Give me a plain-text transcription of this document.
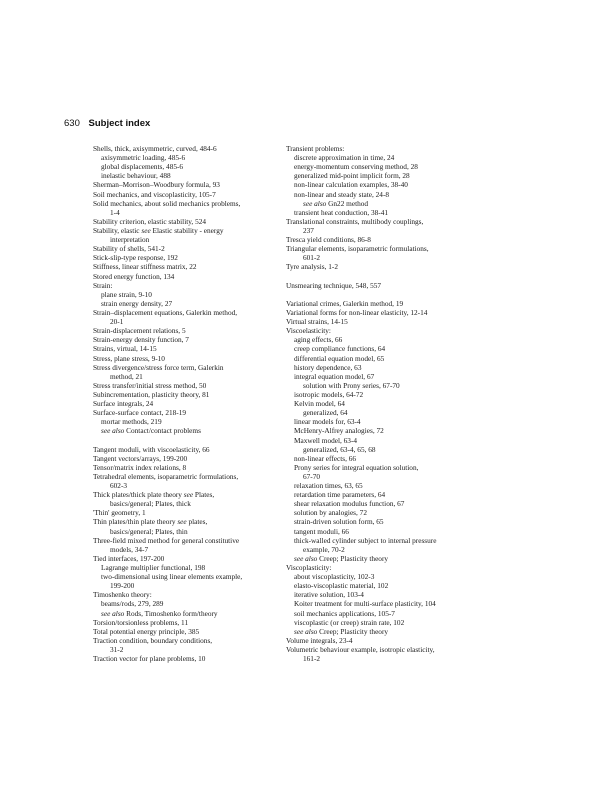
630 Subject index
Shells, thick, axisymmetric, curved, 484-6
axisymmetric loading, 485-6
global displacements, 485-6
inelastic behaviour, 488
Sherman–Morrison–Woodbury formula, 93
Soil mechanics, and viscoplasticity, 105-7
Solid mechanics, about solid mechanics problems,
1-4
Stability criterion, elastic stability, 524
Stability, elastic see Elastic stability - energy
interpretation
Stability of shells, 541-2
Stick-slip-type response, 192
Stiffness, linear stiffness matrix, 22
Stored energy function, 134
Strain:
plane strain, 9-10
strain energy density, 27
Strain–displacement equations, Galerkin method,
20-1
Strain-displacement relations, 5
Strain-energy density function, 7
Strains, virtual, 14-15
Stress, plane stress, 9-10
Stress divergence/stress force term, Galerkin
method, 21
Stress transfer/initial stress method, 50
Subincrementation, plasticity theory, 81
Surface integrals, 24
Surface-surface contact, 218-19
mortar methods, 219
see also Contact/contact problems
Tangent moduli, with viscoelasticity, 66
Tangent vectors/arrays, 199-200
Tensor/matrix index relations, 8
Tetrahedral elements, isoparametric formulations,
602-3
Thick plates/thick plate theory see Plates,
basics/general; Plates, thick
'Thin' geometry, 1
Thin plates/thin plate theory see plates,
basics/general; Plates, thin
Three-field mixed method for general constitutive
models, 34-7
Tied interfaces, 197-200
Lagrange multiplier functional, 198
two-dimensional using linear elements example,
199-200
Timoshenko theory:
beams/rods, 279, 289
see also Rods, Timoshenko form/theory
Torsion/torsionless problems, 11
Total potential energy principle, 385
Traction condition, boundary conditions,
31-2
Traction vector for plane problems, 10
Transient problems:
discrete approximation in time, 24
energy-momentum conserving method, 28
generalized mid-point implicit form, 28
non-linear calculation examples, 38-40
non-linear and steady state, 24-8
see also Gn22 method
transient heat conduction, 38-41
Translational constraints, multibody couplings,
237
Tresca yield conditions, 86-8
Triangular elements, isoparametric formulations,
601-2
Tyre analysis, 1-2
Unsmearing technique, 548, 557
Variational crimes, Galerkin method, 19
Variational forms for non-linear elasticity, 12-14
Virtual strains, 14-15
Viscoelasticity:
aging effects, 66
creep compliance functions, 64
differential equation model, 65
history dependence, 63
integral equation model, 67
solution with Prony series, 67-70
isotropic models, 64-72
Kelvin model, 64
generalized, 64
linear models for, 63-4
McHenry-Alfrey analogies, 72
Maxwell model, 63-4
generalized, 63-4, 65, 68
non-linear effects, 66
Prony series for integral equation solution,
67-70
relaxation times, 63, 65
retardation time parameters, 64
shear relaxation modulus function, 67
solution by analogies, 72
strain-driven solution form, 65
tangent moduli, 66
thick-walled cylinder subject to internal pressure
example, 70-2
see also Creep; Plasticity theory
Viscoplasticity:
about viscoplasticity, 102-3
elasto-viscoplastic material, 102
iterative solution, 103-4
Koiter treatment for multi-surface plasticity, 104
soil mechanics applications, 105-7
viscoplastic (or creep) strain rate, 102
see also Creep; Plasticity theory
Volume integrals, 23-4
Volumetric behaviour example, isotropic elasticity,
161-2
